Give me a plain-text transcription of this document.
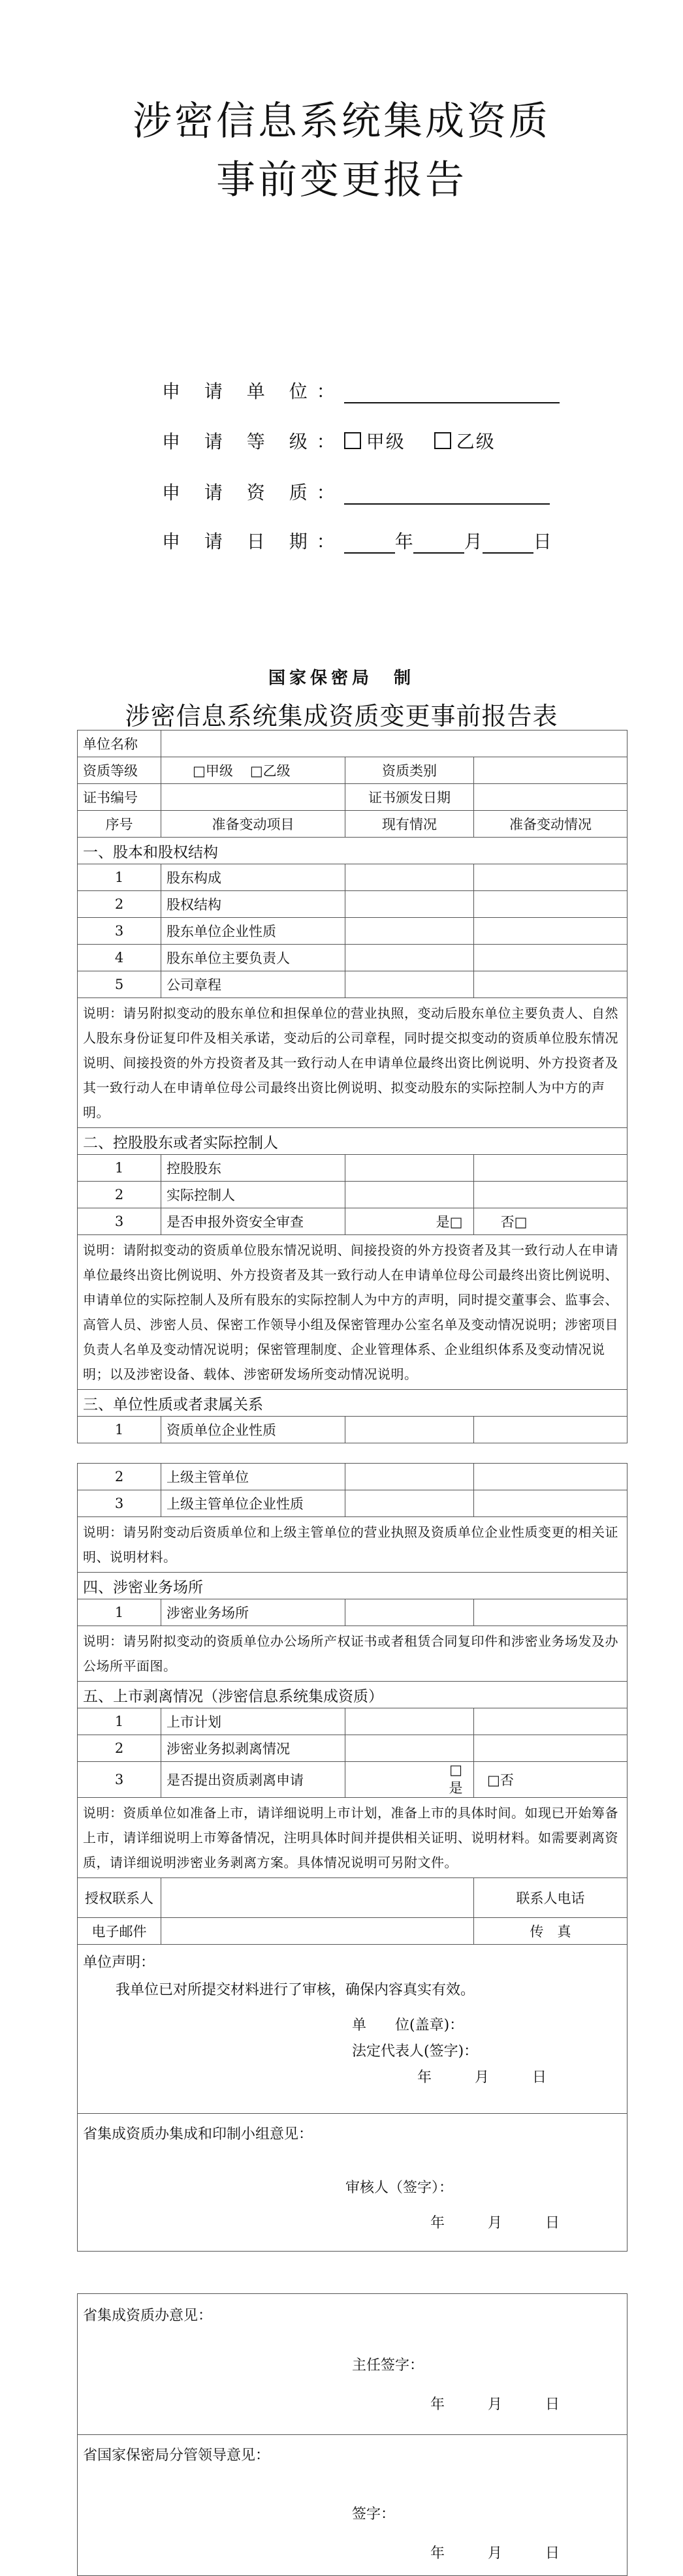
涉密信息系统集成资质
事前变更报告
申 请 单 位：
申 请 等 级： 甲级	乙级
申 请 资 质：
申 请 日 期：	年	月	日
国家保密局　制
涉密信息系统集成资质变更事前报告表
单位名称			
资质等级	□甲级 □乙级	资质类别	
证书编号		证书颁发日期	
序号	准备变动项目	现有情况	准备变动情况
一、股本和股权结构			
1	股东构成		
2	股权结构		
3	股东单位企业性质		
4	股东单位主要负责人		
5	公司章程		
说明：请另附拟变动的股东单位和担保单位的营业执照，变动后股东单位主要负责人、自然人股东身份证复印件及相关承诺，变动后的公司章程，同时提交拟变动的资质单位股东情况说明、间接投资的外方投资者及其一致行动人在申请单位最终出资比例说明、外方投资者及其一致行动人在申请单位母公司最终出资比例说明、拟变动股东的实际控制人为中方的声明。			
二、控股股东或者实际控制人			
1	控股股东		
2	实际控制人		
3	是否申报外资安全审查	是□	否□
说明：请附拟变动的资质单位股东情况说明、间接投资的外方投资者及其一致行动人在申请单位最终出资比例说明、外方投资者及其一致行动人在申请单位母公司最终出资比例说明、申请单位的实际控制人及所有股东的实际控制人为中方的声明，同时提交董事会、监事会、高管人员、涉密人员、保密工作领导小组及保密管理办公室名单及变动情况说明；涉密项目负责人名单及变动情况说明；保密管理制度、企业管理体系、企业组织体系及变动情况说明；以及涉密设备、载体、涉密研发场所变动情况说明。			
三、单位性质或者隶属关系			
1	资质单位企业性质		

2	上级主管单位		
3	上级主管单位企业性质		
说明：请另附变动后资质单位和上级主管单位的营业执照及资质单位企业性质变更的相关证明、说明材料。			
四、涉密业务场所			
1	涉密业务场所		
说明：请另附拟变动的资质单位办公场所产权证书或者租赁合同复印件和涉密业务场发及办公场所平面图。			
五、上市剥离情况（涉密信息系统集成资质）			
1	上市计划		
2	涉密业务拟剥离情况		
3	是否提出资质剥离申请	□是	□否
说明：资质单位如准备上市，请详细说明上市计划，准备上市的具体时间。如现已开始筹备上市，请详细说明上市筹备情况，注明具体时间并提供相关证明、说明材料。如需要剥离资质，请详细说明涉密业务剥离方案。具体情况说明可另附文件。			
授权联系人			联系人电话
电子邮件			传　真

单位声明：
我单位已对所提交材料进行了审核，确保内容真实有效。
单　　位(盖章)：
法定代表人(签字)：
年　　　月　　　日			

省集成资质办集成和印制小组意见：
审核人（签字）：
年　　　月　　　日			

省集成资质办意见：
主任签字：
年　　　月　　　日			

省国家保密局分管领导意见：
签字：
年　　　月　　　日			
